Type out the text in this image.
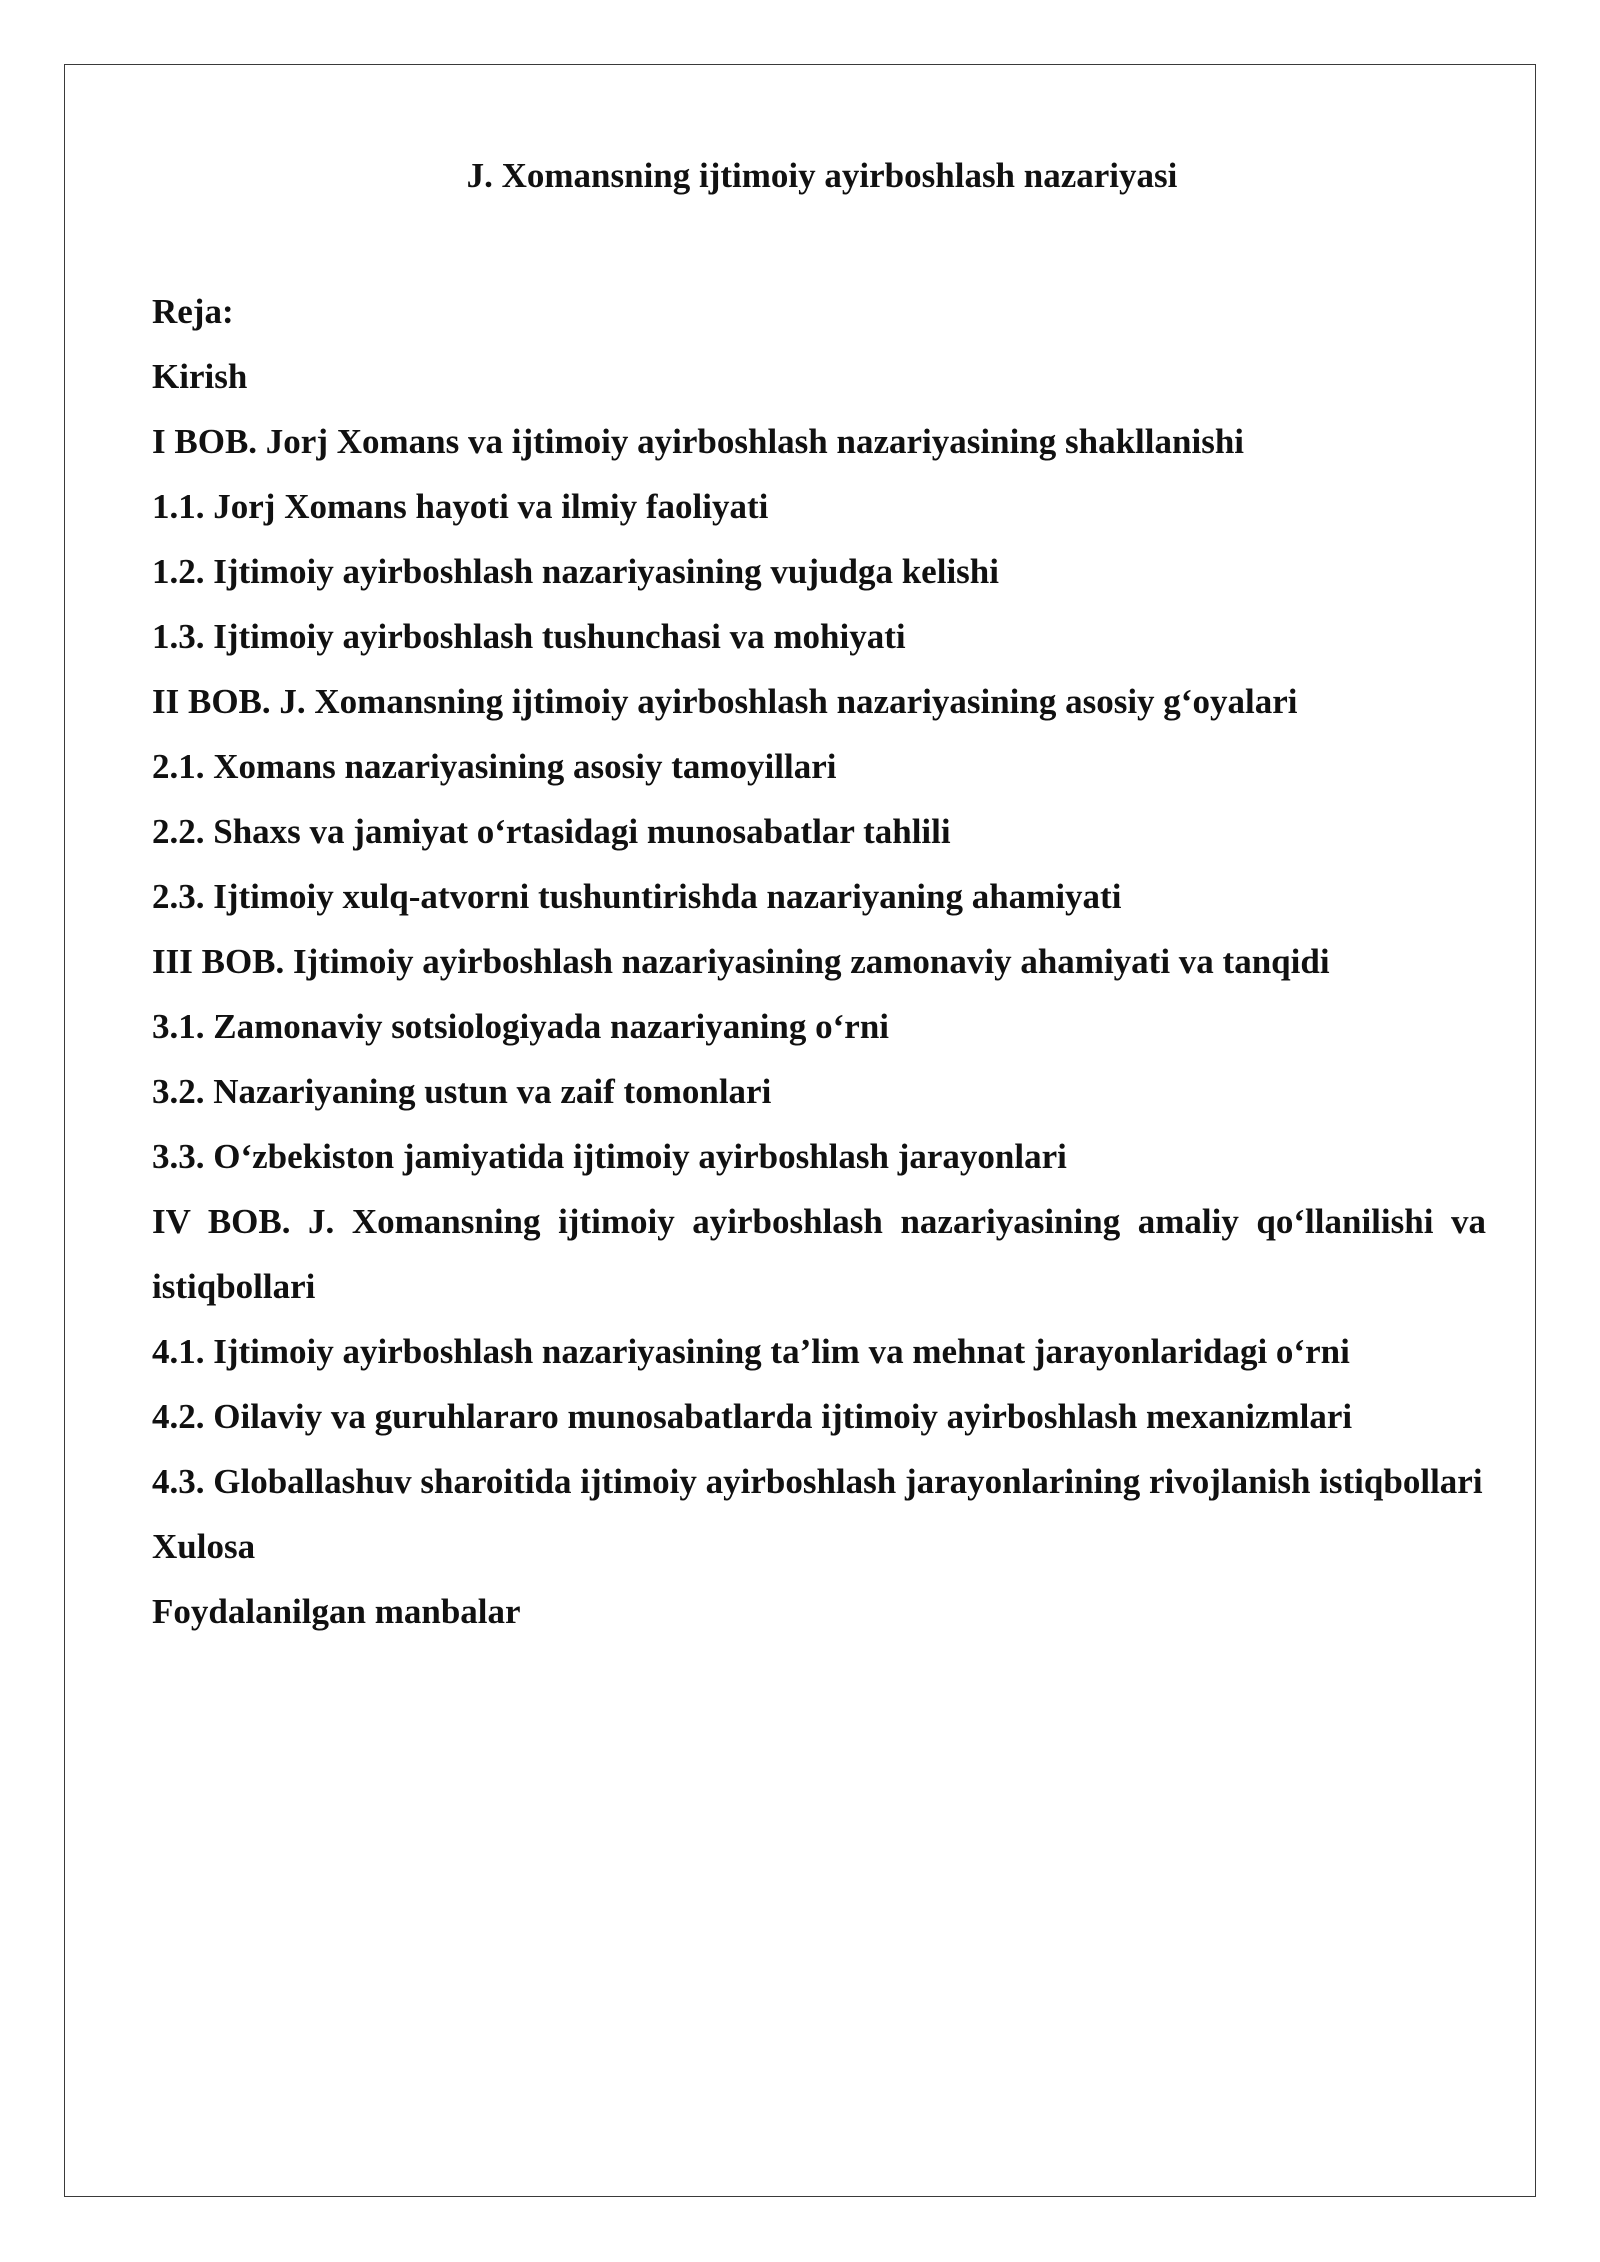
J. Xomansning ijtimoiy ayirboshlash nazariyasi

Reja:

Kirish

I BOB. Jorj Xomans va ijtimoiy ayirboshlash nazariyasining shakllanishi

1.1. Jorj Xomans hayoti va ilmiy faoliyati

1.2. Ijtimoiy ayirboshlash nazariyasining vujudga kelishi

1.3. Ijtimoiy ayirboshlash tushunchasi va mohiyati

II BOB. J. Xomansning ijtimoiy ayirboshlash nazariyasining asosiy g‘oyalari

2.1. Xomans nazariyasining asosiy tamoyillari

2.2. Shaxs va jamiyat o‘rtasidagi munosabatlar tahlili

2.3. Ijtimoiy xulq-atvorni tushuntirishda nazariyaning ahamiyati

III BOB. Ijtimoiy ayirboshlash nazariyasining zamonaviy ahamiyati va tanqidi

3.1. Zamonaviy sotsiologiyada nazariyaning o‘rni

3.2. Nazariyaning ustun va zaif tomonlari

3.3. O‘zbekiston jamiyatida ijtimoiy ayirboshlash jarayonlari

IV BOB. J. Xomansning ijtimoiy ayirboshlash nazariyasining amaliy qo‘llanilishi va istiqbollari

4.1. Ijtimoiy ayirboshlash nazariyasining ta’lim va mehnat jarayonlaridagi o‘rni

4.2. Oilaviy va guruhlararo munosabatlarda ijtimoiy ayirboshlash mexanizmlari

4.3. Globallashuv sharoitida ijtimoiy ayirboshlash jarayonlarining rivojlanish istiqbollari

Xulosa

Foydalanilgan manbalar
